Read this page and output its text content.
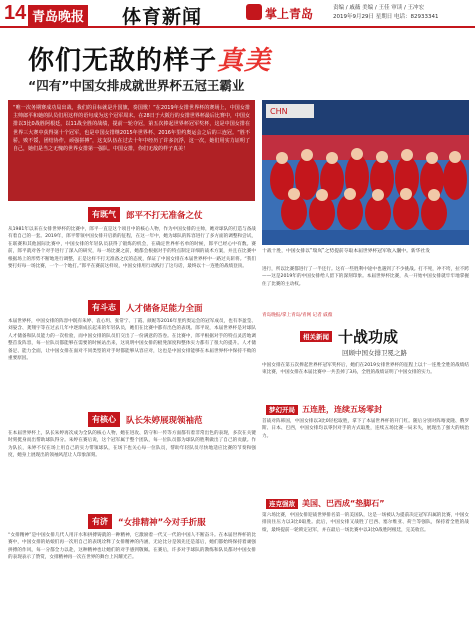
14 青岛晚报 体育新闻	掌上青岛	责编 / 戚薇 美编 / 王佳 审读 / 王冲宏
2019年9月29日 星期日 电话：82933341
你们无敌的样子真美
“四有”中国女排成就世界杯五冠王霸业

“唯一次务期赛成功局出战，我们的目标就是升国旗，奏国歌！”在2019年女排世界杯的赛场上，中国女排主帅郎平和她的队员们用这样的语句成为这个冠军周末。在28日于大阪行的女排世界杯最后比赛中，中国女排以3比0战胜阿根廷，以11战全胜的战绩，提前一轮夺冠，第五次捧起世界杯冠军奖杯，这是中国女排在世界三大赛中获得第十个冠军，也是中国女排继2015年世界杯、2016年里约奥运会之后的三连冠。“胜不骄，败不馁，团结协作，顽强拼搏”，这支队伍在过去十年中经历了许多沉浮，这一次，她们用实力证明了自己，她们是当之无愧的世界女排第一强队。中国女排，你们无敌的样子真美！

有既气	郎平不打无准备之仗

从1981年以来在女排世界杯的比赛中，郎平一直是这个项目中的核心人物，作为中国女排的主帅，她对球队的打造与备战有着自己的一套。2019年，郎平带领中国女排开启新的征程，在这一年中，她为球队的阵容进行了多方面的调整和尝试，在联赛和其他国际比赛中，中国女排的年轻队员获得了锻炼的机会，在确定世界杯名单的时候，郎平已经心中有数。赛前，郎平就对各个对手进行了深入的研究，每一场比赛之前，她都会根据对手的特点制定详细的战术方案，并且在比赛中根据场上的形势不断地进行调整，正是这样不打无准备之仗的态度，保证了中国女排在本届世界杯中一路过关斩将。“我们要打好每一场比赛，一个一个地打。”郎平在赛前这样说，中国女排用行动践行了这句话，最终以十一连胜的战绩登顶。

有斗志	人才储备足能力全面

本届世界杯，中国女排的阵容中既有朱婷、袁心玥、张常宁、丁霞、颜妮等2016年里约奥运会的冠军成员，也有李盈莹、刘晏含、龚翔宇等在过去几年中逐渐成长起来的年轻队员，她们在比赛中都有出色的表现。郎平说，本届世界杯是对球队人才储备和队员能力的一次检验，而中国女排的队员们交出了一份满意的答卷。在比赛中，郎平根据对手的特点灵活地调整首发阵容，每一位队员都能够在需要的时候站出来，这说明中国女排的板凳深度和整体实力都有了很大的提升。人才储备足、能力全面，让中国女排在面对不同类型的对手时都能够从容应对，这也是中国女排能够在本届世界杯中保持不败的重要原因。

有核心	队长朱婷展现领袖范

在本届世界杯上，队长朱婷再次成为全队的核心人物，她在进攻、防守和一传等方面都有着非常出色的表现，多次在关键时刻挺身而出帮助球队得分。朱婷在赛后说，这个冠军属于整个团队，每一位队员都为球队的胜利做出了自己的贡献。作为队长，朱婷不仅在场上用自己的实力带领球队，在场下也关心每一位队员，帮助年轻队员尽快地适应比赛的节奏和强度，她身上展现出的领袖风范让人印象深刻。

有济	“女排精神”今对手折服

“女排精神”是中国女排几代人用汗水和拼搏铸就的一种精神，它激励着一代又一代的中国人不断奋斗。在本届世界杯的比赛中，中国女排的姑娘们再一次用自己的表现诠释了女排精神的内涵，无论比分是领先还是落后，她们都始终保持着顽强拼搏的作风，每一分都全力以赴，这种精神也让她们的对手感到敬佩。在赛后，许多对手球队的教练和队员都对中国女排的表现表示了赞赏，女排精神再一次在世界的舞台上闪耀光芒。

CHN

十战十胜，中国女排以“瑞岚”之势提前夺取本届世界杯冠军收入囊中。新华社发

进行，所以比赛都进行了一半还行。这有一些胜利中途中也遇到了不少挑战。打不死，冲不垮，拉不跨——这是2019年的中国女排给人留下的深刻印象。本届世界杯比赛，从一开始中国女排就牢牢地掌握住了比赛的主动权。

青岛晚报/掌上青岛/青网 记者 戚薇

相关新闻 十战功成
回顾中国女排卫冕之路

中国女排在第五次捧起世界杯冠军奖杯后，她们在2019女排世界杯的征程上以十一连胜全胜的战绩结束比赛，中国女排在本届比赛中一共丢掉了3局，全胜的战绩证明了中国女排的实力。

梦幻开局 五连胜，连续五场零封

首战对阵韩国，中国女排以3比0轻松取胜，拿下了本届世界杯的开门红。随后分别对阵喀麦隆、俄罗斯、日本、巴西，中国女排均以零封对手的方式取胜，连续五场比赛一局未失，展现出了强大的统治力。

连克强敌 美国、巴西成“垫脚石”

第六场比赛，中国女排迎战世界排名第一的美国队，这是一场被认为提前决定冠军归属的比赛，中国女排顶住压力以3比0取胜。此后，中国女排又战胜了巴西、塞尔维亚、荷兰等强队，保持着全胜的战绩，最终提前一轮锁定冠军，并在最后一场比赛中以3比0战胜阿根廷，完美收官。
